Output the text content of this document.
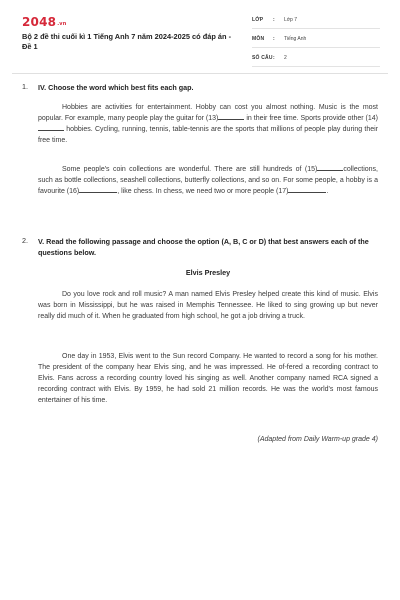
2048.vn
Bộ 2 đề thi cuối kì 1 Tiếng Anh 7 năm 2024-2025 có đáp án - Đề 1
LỚP : Lớp 7
MÔN : Tiếng Anh
SỐ CÂU : 2
1. IV. Choose the word which best fits each gap.

Hobbies are activities for entertainment. Hobby can cost you almost nothing. Music is the most popular. For example, many people play the guitar for (13)	in their free time. Sports provide other (14) hobbies. Cycling, running, tennis, table-tennis are the sports that millions of people play during their free time.

Some people's coin collections are wonderful. There are still hundreds of (15)	collections, such as bottle collections, seashell collections, butterfly collections, and so on. For some people, a hobby is a favourite (16)	, like chess. In chess, we need two or more people (17)	.

2. V. Read the following passage and choose the option (A, B, C or D) that best answers each of the questions below.
Elvis Presley

Do you love rock and roll music? A man named Elvis Presley helped create this kind of music. Elvis was born in Mississippi, but he was raised in Memphis Tennessee. He liked to sing growing up but never really did much of it. When he graduated from high school, he got a job driving a truck.

One day in 1953, Elvis went to the Sun record Company. He wanted to record a song for his mother. The president of the company hear Elvis sing, and he was impressed. He of-fered a recording contract to Elvis. Fans across a recording country loved his singing as well. Another company named RCA signed a recording contract with Elvis. By 1959, he had sold 21 million records. He was the world's most famous entertainer of his time.

(Adapted from Daily Warm-up grade 4)
